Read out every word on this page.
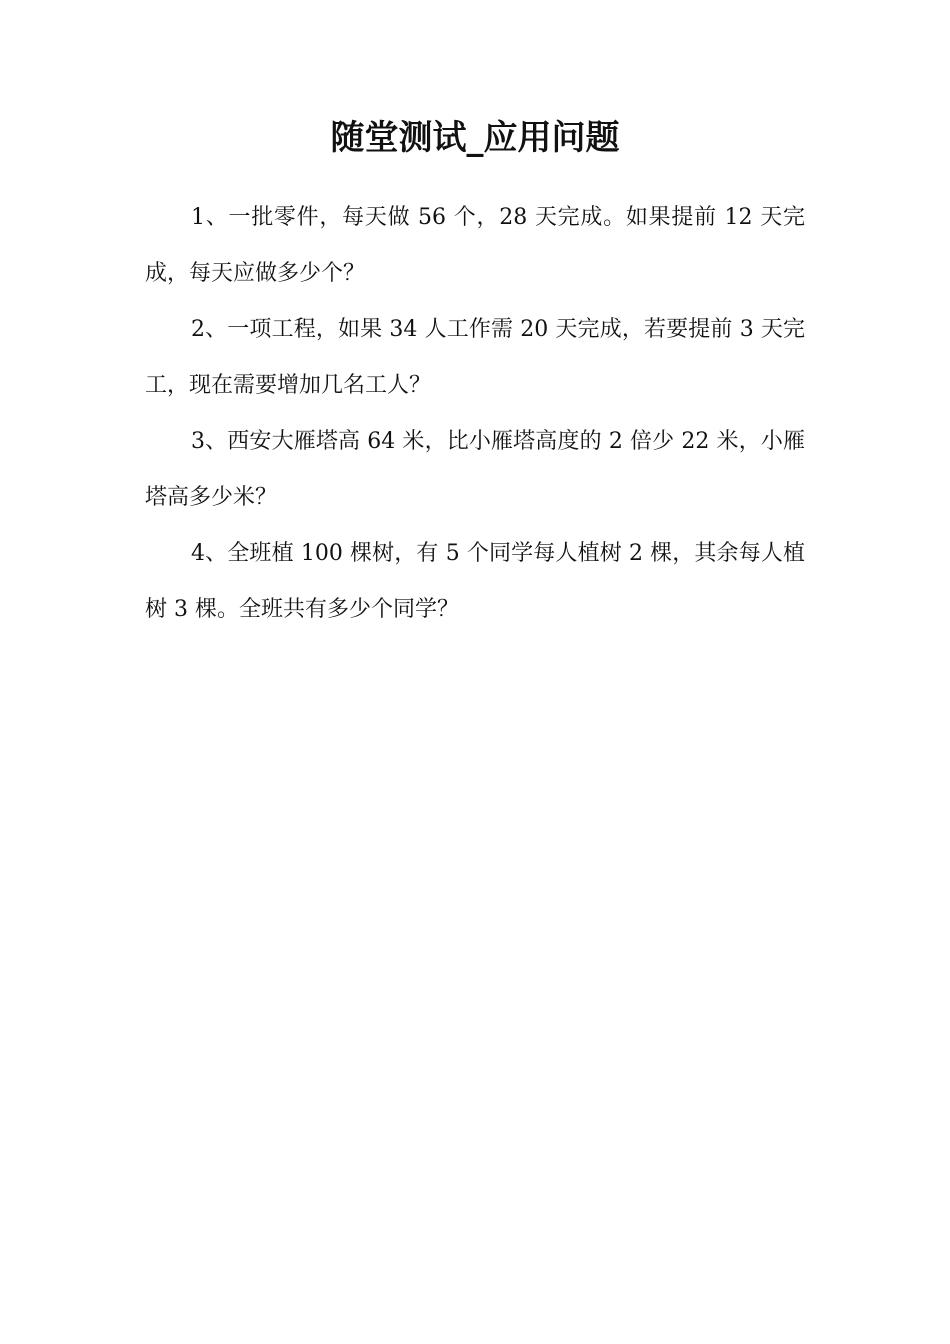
随堂测试_应用问题

1、一批零件，每天做 56 个，28 天完成。如果提前 12 天完成，每天应做多少个？

2、一项工程，如果 34 人工作需 20 天完成，若要提前 3 天完工，现在需要增加几名工人？

3、西安大雁塔高 64 米，比小雁塔高度的 2 倍少 22 米，小雁塔高多少米？

4、全班植 100 棵树，有 5 个同学每人植树 2 棵，其余每人植树 3 棵。全班共有多少个同学？
